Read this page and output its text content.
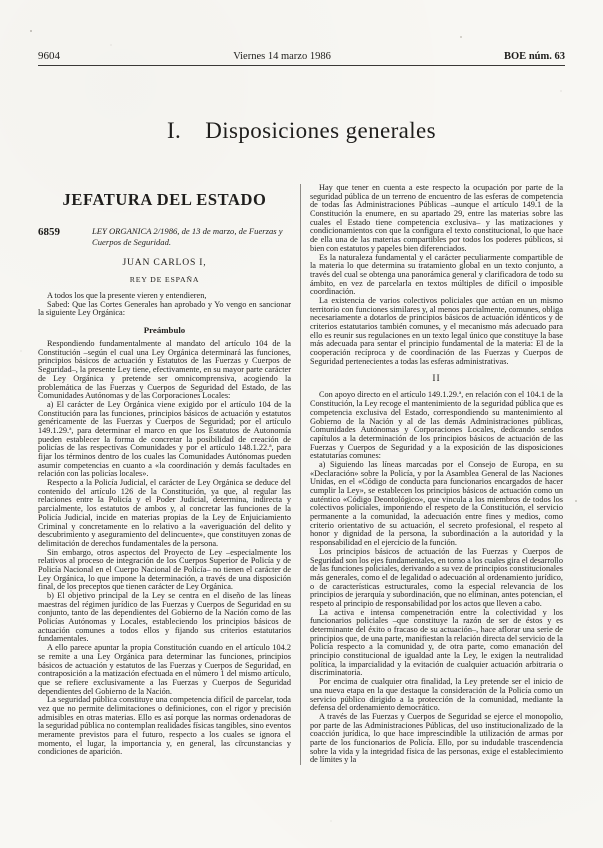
9604	Viernes 14 marzo 1986	BOE núm. 63
I. Disposiciones generales
JEFATURA DEL ESTADO
6859	LEY ORGANICA 2/1986, de 13 de marzo, de Fuerzas y Cuerpos de Seguridad.
JUAN CARLOS I,
REY DE ESPAÑA

A todos los que la presente vieren y entendieren,

Sabed: Que las Cortes Generales han aprobado y Yo vengo en sancionar la siguiente Ley Orgánica:

Preámbulo

Respondiendo fundamentalmente al mandato del artículo 104 de la Constitución –según el cual una Ley Orgánica determinará las funciones, principios básicos de actuación y Estatutos de las Fuerzas y Cuerpos de Seguridad–, la presente Ley tiene, efectivamente, en su mayor parte carácter de Ley Orgánica y pretende ser omnicomprensiva, acogiendo la problemática de las Fuerzas y Cuerpos de Seguridad del Estado, de las Comunidades Autónomas y de las Corporaciones Locales:

a) El carácter de Ley Orgánica viene exigido por el artículo 104 de la Constitución para las funciones, principios básicos de actuación y estatutos genéricamente de las Fuerzas y Cuerpos de Seguridad; por el artículo 149.1.29.ª, para determinar el marco en que los Estatutos de Autonomía pueden establecer la forma de concretar la posibilidad de creación de policías de las respectivas Comunidades y por el artículo 148.1.22.ª, para fijar los términos dentro de los cuales las Comunidades Autónomas pueden asumir competencias en cuanto a «la coordinación y demás facultades en relación con las policías locales».

Respecto a la Policía Judicial, el carácter de Ley Orgánica se deduce del contenido del artículo 126 de la Constitución, ya que, al regular las relaciones entre la Policía y el Poder Judicial, determina, indirecta y parcialmente, los estatutos de ambos y, al concretar las funciones de la Policía Judicial, incide en materias propias de la Ley de Enjuiciamiento Criminal y concretamente en lo relativo a la «averiguación del delito y descubrimiento y aseguramiento del delincuente», que constituyen zonas de delimitación de derechos fundamentales de la persona.

Sin embargo, otros aspectos del Proyecto de Ley –especialmente los relativos al proceso de integración de los Cuerpos Superior de Policía y de Policía Nacional en el Cuerpo Nacional de Policía– no tienen el carácter de Ley Orgánica, lo que impone la determinación, a través de una disposición final, de los preceptos que tienen carácter de Ley Orgánica.

b) El objetivo principal de la Ley se centra en el diseño de las líneas maestras del régimen jurídico de las Fuerzas y Cuerpos de Seguridad en su conjunto, tanto de las dependientes del Gobierno de la Nación como de las Policías Autónomas y Locales, estableciendo los principios básicos de actuación comunes a todos ellos y fijando sus criterios estatutarios fundamentales.

A ello parece apuntar la propia Constitución cuando en el artículo 104.2 se remite a una Ley Orgánica para determinar las funciones, principios básicos de actuación y estatutos de las Fuerzas y Cuerpos de Seguridad, en contraposición a la matización efectuada en el número 1 del mismo artículo, que se refiere exclusivamente a las Fuerzas y Cuerpos de Seguridad dependientes del Gobierno de la Nación.

La seguridad pública constituye una competencia difícil de parcelar, toda vez que no permite delimitaciones o definiciones, con el rigor y precisión admisibles en otras materias. Ello es así porque las normas ordenadoras de la seguridad pública no contemplan realidades físicas tangibles, sino eventos meramente previstos para el futuro, respecto a los cuales se ignora el momento, el lugar, la importancia y, en general, las circunstancias y condiciones de aparición.

Hay que tener en cuenta a este respecto la ocupación por parte de la seguridad pública de un terreno de encuentro de las esferas de competencia de todas las Administraciones Públicas –aunque el artículo 149.1 de la Constitución la enumere, en su apartado 29, entre las materias sobre las cuales el Estado tiene competencia exclusiva– y las matizaciones y condicionamientos con que la configura el texto constitucional, lo que hace de ella una de las materias compartibles por todos los poderes públicos, si bien con estatutos y papeles bien diferenciados.

Es la naturaleza fundamental y el carácter peculiarmente compartible de la materia lo que determina su tratamiento global en un texto conjunto, a través del cual se obtenga una panorámica general y clarificadora de todo su ámbito, en vez de parcelarla en textos múltiples de difícil o imposible coordinación.

La existencia de varios colectivos policiales que actúan en un mismo territorio con funciones similares y, al menos parcialmente, comunes, obliga necesariamente a dotarlos de principios básicos de actuación idénticos y de criterios estatutarios también comunes, y el mecanismo más adecuado para ello es reunir sus regulaciones en un texto legal único que constituye la base más adecuada para sentar el principio fundamental de la materia: El de la cooperación recíproca y de coordinación de las Fuerzas y Cuerpos de Seguridad pertenecientes a todas las esferas administrativas.

II

Con apoyo directo en el artículo 149.1.29.ª, en relación con el 104.1 de la Constitución, la Ley recoge el mantenimiento de la seguridad pública que es competencia exclusiva del Estado, correspondiendo su mantenimiento al Gobierno de la Nación y al de las demás Administraciones públicas, Comunidades Autónomas y Corporaciones Locales, dedicando sendos capítulos a la determinación de los principios básicos de actuación de las Fuerzas y Cuerpos de Seguridad y a la exposición de las disposiciones estatutarias comunes:

a) Siguiendo las líneas marcadas por el Consejo de Europa, en su «Declaración» sobre la Policía, y por la Asamblea General de las Naciones Unidas, en el «Código de conducta para funcionarios encargados de hacer cumplir la Ley», se establecen los principios básicos de actuación como un auténtico «Código Deontológico», que vincula a los miembros de todos los colectivos policiales, imponiendo el respeto de la Constitución, el servicio permanente a la comunidad, la adecuación entre fines y medios, como criterio orientativo de su actuación, el secreto profesional, el respeto al honor y dignidad de la persona, la subordinación a la autoridad y la responsabilidad en el ejercicio de la función.

Los principios básicos de actuación de las Fuerzas y Cuerpos de Seguridad son los ejes fundamentales, en torno a los cuales gira el desarrollo de las funciones policiales, derivando a su vez de principios constitucionales más generales, como el de legalidad o adecuación al ordenamiento jurídico, o de características estructurales, como la especial relevancia de los principios de jerarquía y subordinación, que no eliminan, antes potencian, el respeto al principio de responsabilidad por los actos que lleven a cabo.

La activa e intensa compenetración entre la colectividad y los funcionarios policiales –que constituye la razón de ser de éstos y es determinante del éxito o fracaso de su actuación–, hace aflorar una serie de principios que, de una parte, manifiestan la relación directa del servicio de la Policía respecto a la comunidad y, de otra parte, como emanación del principio constitucional de igualdad ante la Ley, le exigen la neutralidad política, la imparcialidad y la evitación de cualquier actuación arbitraria o discriminatoria.

Por encima de cualquier otra finalidad, la Ley pretende ser el inicio de una nueva etapa en la que destaque la consideración de la Policía como un servicio público dirigido a la protección de la comunidad, mediante la defensa del ordenamiento democrático.

A través de las Fuerzas y Cuerpos de Seguridad se ejerce el monopolio, por parte de las Administraciones Públicas, del uso institucionalizado de la coacción jurídica, lo que hace imprescindible la utilización de armas por parte de los funcionarios de Policía. Ello, por su indudable trascendencia sobre la vida y la integridad física de las personas, exige el establecimiento de límites y la
